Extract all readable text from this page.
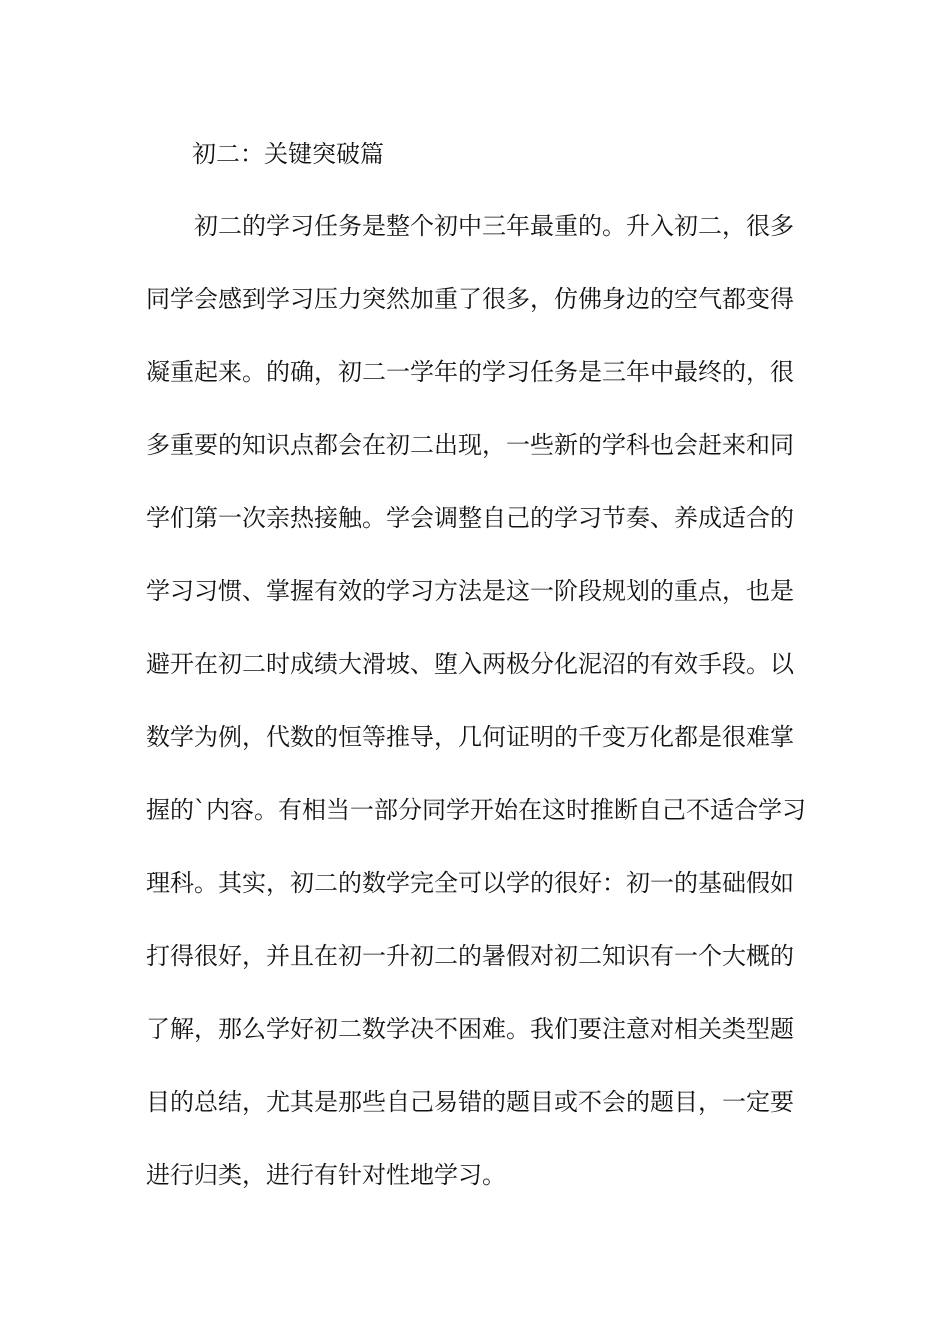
初二：关键突破篇
　　初二的学习任务是整个初中三年最重的。升入初二，很多
同学会感到学习压力突然加重了很多，仿佛身边的空气都变得
凝重起来。的确，初二一学年的学习任务是三年中最终的，很
多重要的知识点都会在初二出现，一些新的学科也会赶来和同
学们第一次亲热接触。学会调整自己的学习节奏、养成适合的
学习习惯、掌握有效的学习方法是这一阶段规划的重点，也是
避开在初二时成绩大滑坡、堕入两极分化泥沼的有效手段。以
数学为例，代数的恒等推导，几何证明的千变万化都是很难掌
握的`内容。有相当一部分同学开始在这时推断自己不适合学习
理科。其实，初二的数学完全可以学的很好：初一的基础假如
打得很好，并且在初一升初二的暑假对初二知识有一个大概的
了解，那么学好初二数学决不困难。我们要注意对相关类型题
目的总结，尤其是那些自己易错的题目或不会的题目，一定要
进行归类，进行有针对性地学习。
